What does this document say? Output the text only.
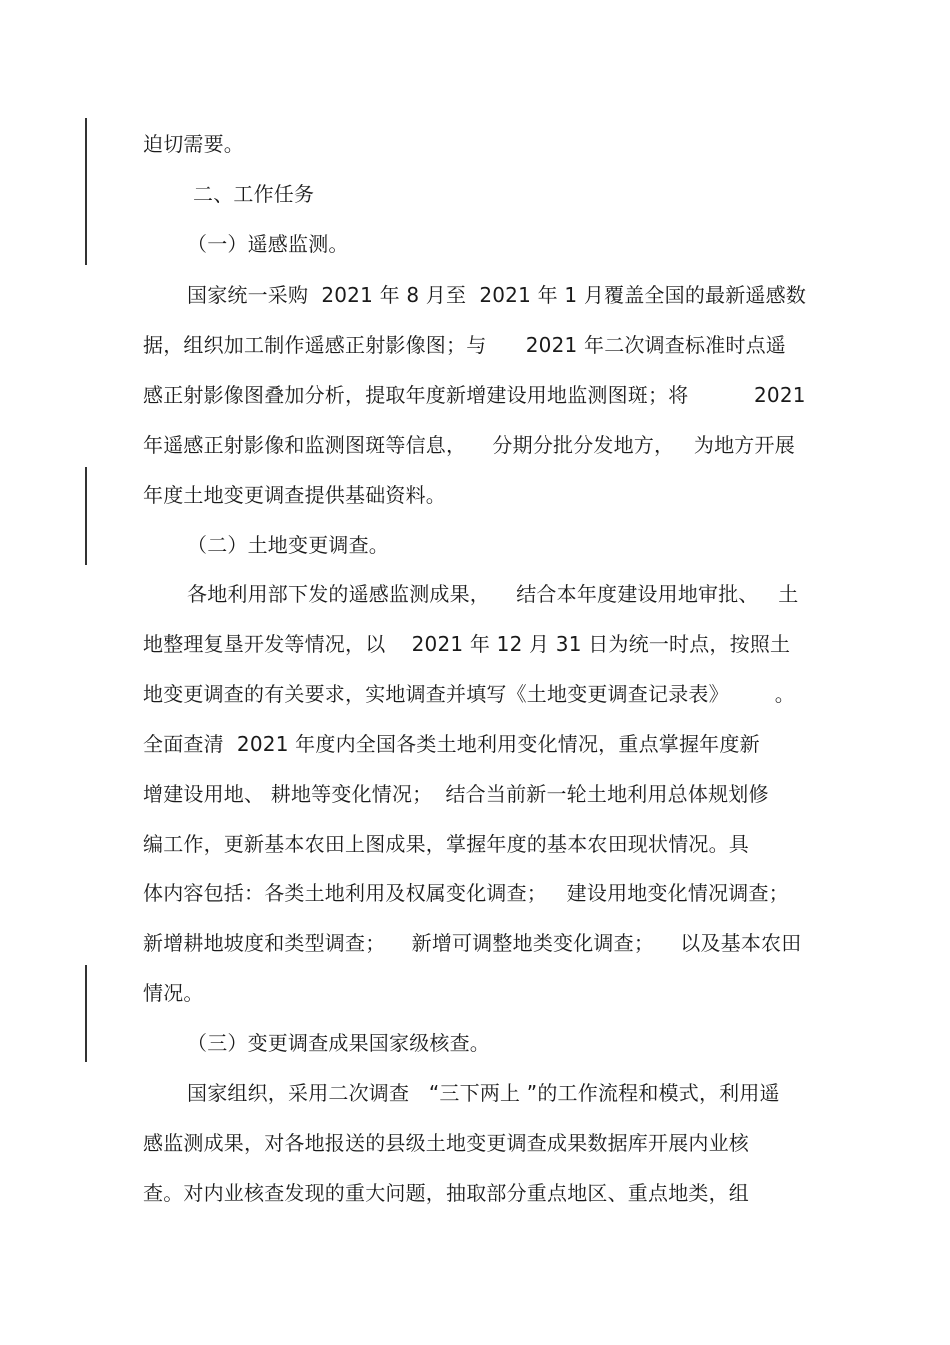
迫切需要。
二、工作任务
（一）遥感监测。
国家统一采购  2021 年 8 月至  2021 年 1 月覆盖全国的最新遥感数
据，组织加工制作遥感正射影像图；与      2021 年二次调查标准时点遥
感正射影像图叠加分析，提取年度新增建设用地监测图斑；将          2021
年遥感正射影像和监测图斑等信息，    分期分批分发地方，   为地方开展
年度土地变更调查提供基础资料。
（二）土地变更调查。
各地利用部下发的遥感监测成果，    结合本年度建设用地审批、   土
地整理复垦开发等情况，以    2021 年 12 月 31 日为统一时点，按照土
地变更调查的有关要求，实地调查并填写《土地变更调查记录表》       。
全面查清  2021 年度内全国各类土地利用变化情况，重点掌握年度新
增建设用地、 耕地等变化情况；  结合当前新一轮土地利用总体规划修
编工作，更新基本农田上图成果，掌握年度的基本农田现状情况。具
体内容包括：各类土地利用及权属变化调查；   建设用地变化情况调查；
新增耕地坡度和类型调查；    新增可调整地类变化调查；    以及基本农田
情况。
（三）变更调查成果国家级核查。
国家组织，采用二次调查   “三下两上 ”的工作流程和模式，利用遥
感监测成果，对各地报送的县级土地变更调查成果数据库开展内业核
查。对内业核查发现的重大问题，抽取部分重点地区、重点地类，组
